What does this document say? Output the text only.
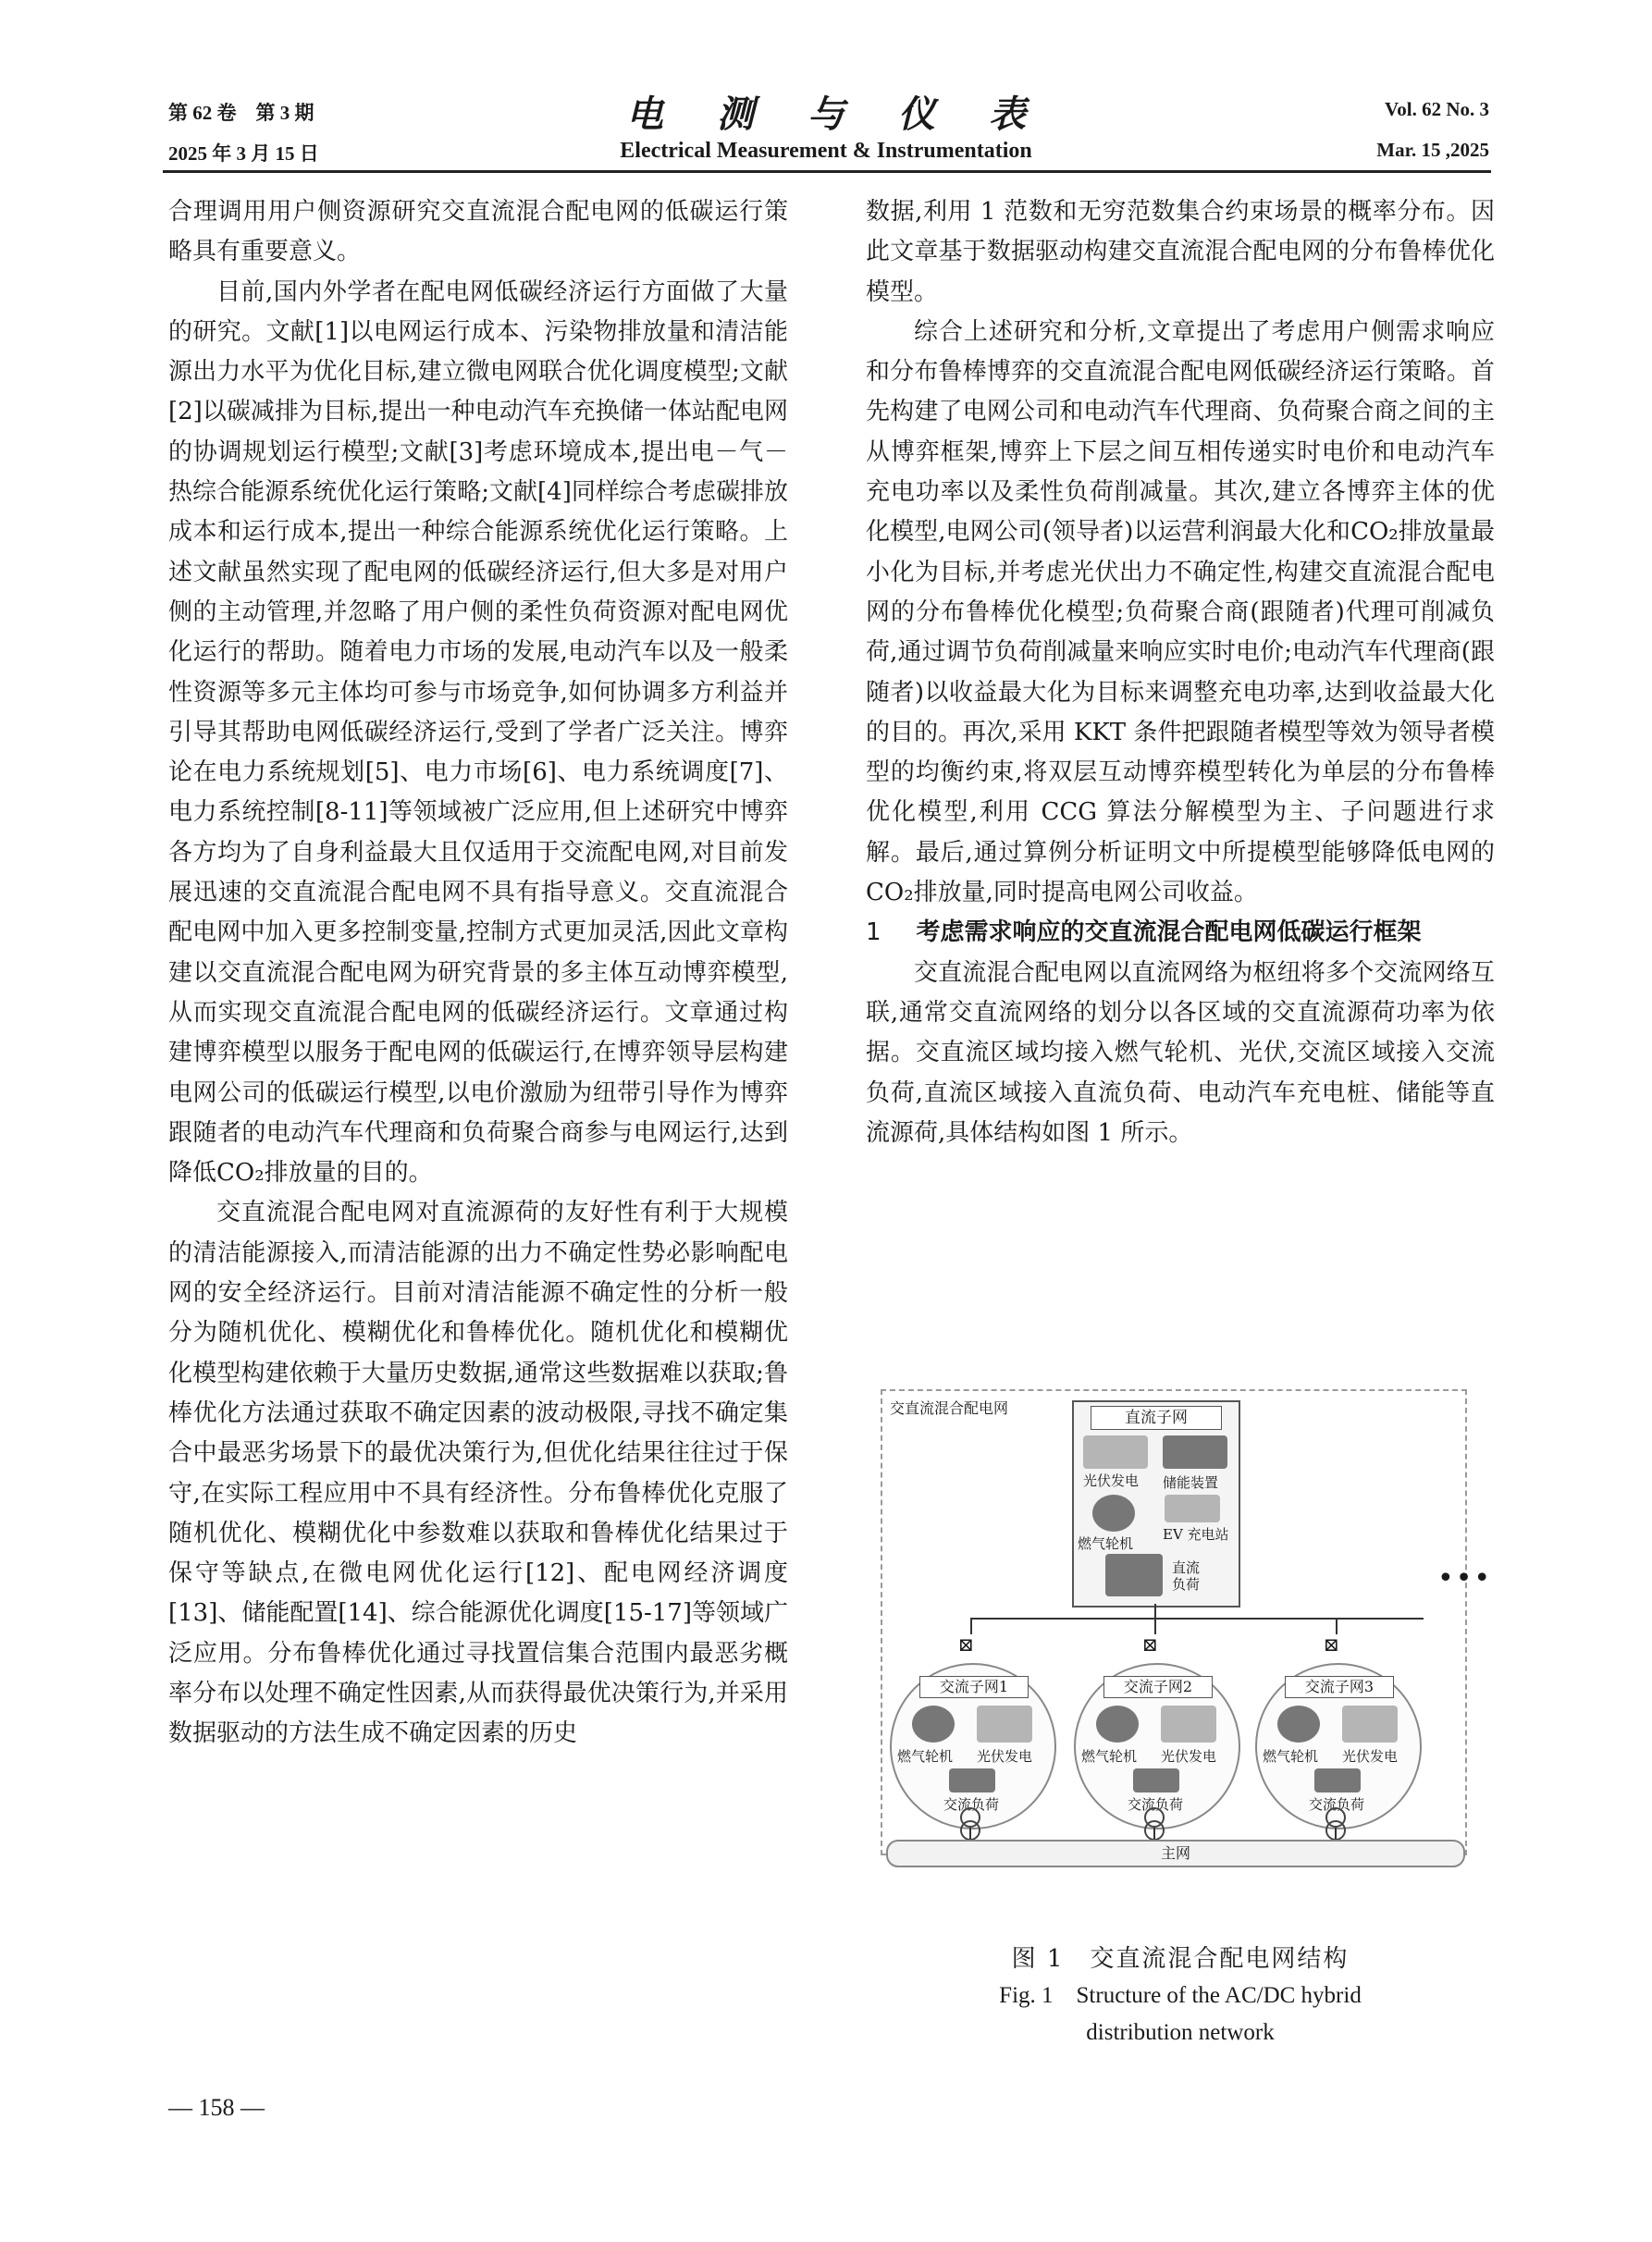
第 62 卷　第 3 期
2025 年 3 月 15 日
电测与仪表
Electrical Measurement & Instrumentation
Vol. 62 No. 3
Mar. 15 ,2025

合理调用用户侧资源研究交直流混合配电网的低碳运行策略具有重要意义。

目前,国内外学者在配电网低碳经济运行方面做了大量的研究。文献[1]以电网运行成本、污染物排放量和清洁能源出力水平为优化目标,建立微电网联合优化调度模型;文献[2]以碳减排为目标,提出一种电动汽车充换储一体站配电网的协调规划运行模型;文献[3]考虑环境成本,提出电－气－热综合能源系统优化运行策略;文献[4]同样综合考虑碳排放成本和运行成本,提出一种综合能源系统优化运行策略。上述文献虽然实现了配电网的低碳经济运行,但大多是对用户侧的主动管理,并忽略了用户侧的柔性负荷资源对配电网优化运行的帮助。随着电力市场的发展,电动汽车以及一般柔性资源等多元主体均可参与市场竞争,如何协调多方利益并引导其帮助电网低碳经济运行,受到了学者广泛关注。博弈论在电力系统规划[5]、电力市场[6]、电力系统调度[7]、电力系统控制[8-11]等领域被广泛应用,但上述研究中博弈各方均为了自身利益最大且仅适用于交流配电网,对目前发展迅速的交直流混合配电网不具有指导意义。交直流混合配电网中加入更多控制变量,控制方式更加灵活,因此文章构建以交直流混合配电网为研究背景的多主体互动博弈模型,从而实现交直流混合配电网的低碳经济运行。文章通过构建博弈模型以服务于配电网的低碳运行,在博弈领导层构建电网公司的低碳运行模型,以电价激励为纽带引导作为博弈跟随者的电动汽车代理商和负荷聚合商参与电网运行,达到降低CO₂排放量的目的。

交直流混合配电网对直流源荷的友好性有利于大规模的清洁能源接入,而清洁能源的出力不确定性势必影响配电网的安全经济运行。目前对清洁能源不确定性的分析一般分为随机优化、模糊优化和鲁棒优化。随机优化和模糊优化模型构建依赖于大量历史数据,通常这些数据难以获取;鲁棒优化方法通过获取不确定因素的波动极限,寻找不确定集合中最恶劣场景下的最优决策行为,但优化结果往往过于保守,在实际工程应用中不具有经济性。分布鲁棒优化克服了随机优化、模糊优化中参数难以获取和鲁棒优化结果过于保守等缺点,在微电网优化运行[12]、配电网经济调度[13]、储能配置[14]、综合能源优化调度[15-17]等领域广泛应用。分布鲁棒优化通过寻找置信集合范围内最恶劣概率分布以处理不确定性因素,从而获得最优决策行为,并采用数据驱动的方法生成不确定因素的历史

数据,利用 1 范数和无穷范数集合约束场景的概率分布。因此文章基于数据驱动构建交直流混合配电网的分布鲁棒优化模型。

综合上述研究和分析,文章提出了考虑用户侧需求响应和分布鲁棒博弈的交直流混合配电网低碳经济运行策略。首先构建了电网公司和电动汽车代理商、负荷聚合商之间的主从博弈框架,博弈上下层之间互相传递实时电价和电动汽车充电功率以及柔性负荷削减量。其次,建立各博弈主体的优化模型,电网公司(领导者)以运营利润最大化和CO₂排放量最小化为目标,并考虑光伏出力不确定性,构建交直流混合配电网的分布鲁棒优化模型;负荷聚合商(跟随者)代理可削减负荷,通过调节负荷削减量来响应实时电价;电动汽车代理商(跟随者)以收益最大化为目标来调整充电功率,达到收益最大化的目的。再次,采用 KKT 条件把跟随者模型等效为领导者模型的均衡约束,将双层互动博弈模型转化为单层的分布鲁棒优化模型,利用 CCG 算法分解模型为主、子问题进行求解。最后,通过算例分析证明文中所提模型能够降低电网的 CO₂排放量,同时提高电网公司收益。

1 考虑需求响应的交直流混合配电网低碳运行框架

交直流混合配电网以直流网络为枢纽将多个交流网络互联,通常交直流网络的划分以各区域的交直流源荷功率为依据。交直流区域均接入燃气轮机、光伏,交流区域接入交流负荷,直流区域接入直流负荷、电动汽车充电桩、储能等直流源荷,具体结构如图 1 所示。

交直流混合配电网
直流子网
光伏发电 储能装置
燃气轮机
EV 充电站
直流
负荷
⊠	⊠	⊠
•••
交流子网1
燃气轮机 光伏发电
交流负荷
交流子网2
燃气轮机 光伏发电
交流负荷
交流子网3
燃气轮机 光伏发电
交流负荷
主网
图 1　交直流混合配电网结构
Fig. 1　Structure of the AC/DC hybrid
distribution network
— 158 —
